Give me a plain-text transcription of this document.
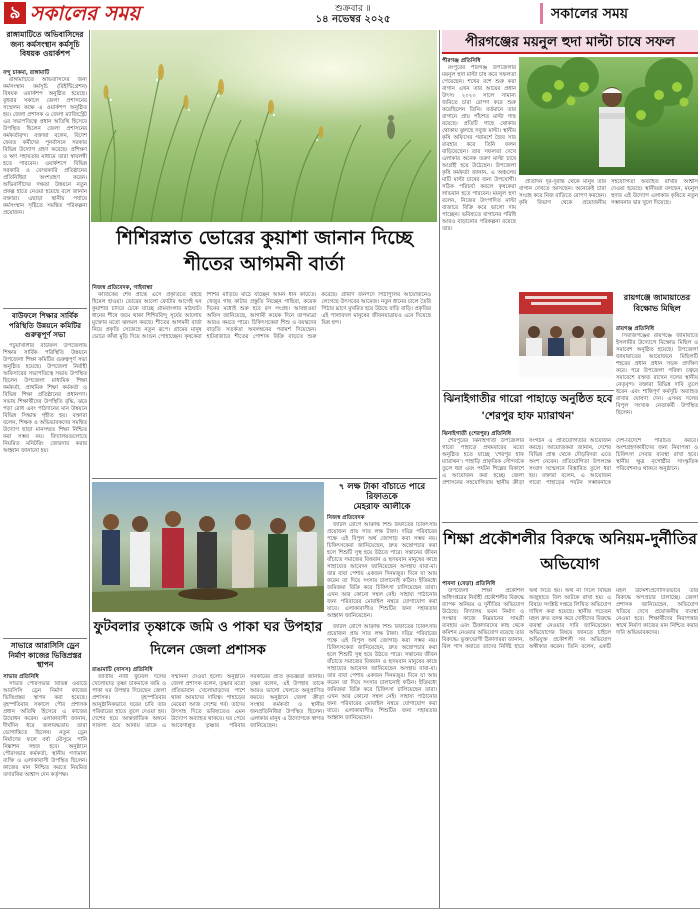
৯ সকালের সময়	শুক্রবার ॥
১৪ নভেম্বর ২০২৫	সকালের সময়
রাঙ্গামাটিতে অভিবাসিদের জন্য কর্মসংস্থান কর্মসূচি বিষয়ক ওয়ার্কশপ
বন্দু চাকমা, রাঙ্গামাটি

রাঙ্গামাটিতে অভিবাসিদের জন্য কর্মসংস্থান কর্মসূচি (রিইন্টিগ্রেশন) বিষয়ক ওয়ার্কশপ অনুষ্ঠিত হয়েছে। বুধবার সকালে জেলা প্রশাসনের সম্মেলন কক্ষে এ ওয়ার্কশপ অনুষ্ঠিত হয়। জেলা প্রশাসক ও জেলা ম্যাজিস্ট্রেট এর সভাপতিত্বে প্রধান অতিথি হিসেবে উপস্থিত ছিলেন জেলা প্রশাসনের কর্মকর্তাবৃন্দ। বক্তারা বলেন, বিদেশ ফেরত কর্মীদের পুনর্বাসনে সরকার বিভিন্ন উদ্যোগ গ্রহণ করেছে। প্রশিক্ষণ ও ঋণ সহায়তার মাধ্যমে তারা স্বাবলম্বী হতে পারবেন। ওয়ার্কশপে বিভিন্ন সরকারি ও বেসরকারি প্রতিষ্ঠানের প্রতিনিধিরা অংশগ্রহণ করেন। অভিবাসীদের দক্ষতা উন্নয়নে নতুন প্রকল্প হাতে নেওয়া হয়েছে বলে জানান বক্তারা। এছাড়া স্থানীয় পর্যায়ে কর্মসংস্থান সৃষ্টিতে সমন্বিত পরিকল্পনা প্রয়োজন।

বাউফলে শিক্ষার সার্বিক পরিস্থিতি উন্নয়নে কমিটির গুরুত্বপূর্ণ সভা

পটুয়াখালীর বাউফল উপজেলায় শিক্ষার সার্বিক পরিস্থিতি উন্নয়নে উপজেলা শিক্ষা কমিটির গুরুত্বপূর্ণ সভা অনুষ্ঠিত হয়েছে। উপজেলা নির্বাহী অফিসারের সভাপতিত্বে সভায় উপস্থিত ছিলেন উপজেলা মাধ্যমিক শিক্ষা কর্মকর্তা, প্রাথমিক শিক্ষা কর্মকর্তা ও বিভিন্ন শিক্ষা প্রতিষ্ঠানের প্রধানগণ। সভায় শিক্ষার্থীদের উপস্থিতি বৃদ্ধি, ঝরে পড়া রোধ এবং পাঠদানের মান উন্নয়নে বিভিন্ন সিদ্ধান্ত গৃহীত হয়। বক্তারা বলেন, শিক্ষক ও অভিভাবকদের সমন্বিত উদ্যোগ ছাড়া মানসম্মত শিক্ষা নিশ্চিত করা সম্ভব নয়। বিদ্যালয়গুলোতে নিয়মিত মনিটরিং জোরদার করার আহ্বান জানানো হয়।

সাভারে আরাসিসি ড্রেন নির্মাণ কাজের ভিত্তিপ্রস্তর স্থাপন
সাভার প্রতিনিধি

সাভার পৌরসভার বিভিন্ন ওয়ার্ডে আরসিসি ড্রেন নির্মাণ কাজের ভিত্তিপ্রস্তর স্থাপন করা হয়েছে। বৃহস্পতিবার সকালে পৌর প্রশাসক প্রধান অতিথি হিসেবে এ কাজের উদ্বোধন করেন। এলাকাবাসী জানান, দীর্ঘদিন ধরে জলাবদ্ধতায় তারা ভোগান্তিতে ছিলেন। নতুন ড্রেন নির্মাণের ফলে বর্ষা মৌসুমে পানি নিষ্কাশন সহজ হবে। অনুষ্ঠানে পৌরসভার কর্মকর্তা, স্থানীয় গণ্যমান্য ব্যক্তি ও এলাকাবাসী উপস্থিত ছিলেন। কাজের মান নিশ্চিত করতে নিয়মিত তদারকির আশ্বাস দেন কর্তৃপক্ষ।

শিশিরস্নাত ভোরের কুয়াশা জানান দিচ্ছে শীতের আগমনী বার্তা
নিজস্ব প্রতিবেদক, গাইবান্ধা

কার্তিকের শেষ প্রান্তে এসে প্রকৃতিতে বইছে হিমেল হাওয়া। ভোরের আলো ফোটার আগেই ঘন কুয়াশার চাদরে ঢেকে যাচ্ছে গ্রামবাংলার মাঠঘাট। ধানের শীষে জমে থাকা শিশিরবিন্দু সূর্যের আলোয় মুক্তোর মতো ঝলমল করছে। শীতের আগমনী বার্তা নিয়ে প্রকৃতি সেজেছে নতুন রূপে। গ্রামের মানুষ ভোরে কাঁথা মুড়ি দিয়ে আগুন পোহাচ্ছেন। কৃষকেরা শিশির মাড়িয়ে মাঠে যাচ্ছেন আমন ধান কাটতে। খেজুর গাছ কাটার প্রস্তুতি নিচ্ছেন গাছিরা, কয়েক দিনের মধ্যেই শুরু হবে রস সংগ্রহ। আবহাওয়া অফিস জানিয়েছে, আগামী কয়েক দিনে তাপমাত্রা আরও কমতে পারে। চিকিৎসকেরা শিশু ও বয়স্কদের বাড়তি সতর্কতা অবলম্বনের পরামর্শ দিয়েছেন। হাটবাজারে শীতের পোশাক বিক্রি বাড়তে শুরু করেছে। গ্রামীণ জনপদে পিঠাপুলির আয়োজনেও লেগেছে উৎসবের আমেজ। নতুন ধানের চালে তৈরি পিঠার ঘ্রাণে মুখরিত হয়ে উঠছে বাড়ি বাড়ি। প্রকৃতির এই পালাবদল মানুষের জীবনযাত্রায়ও এনে দিয়েছে ভিন্ন ছন্দ।

৭ লক্ষ টাকা বাঁচাতে পারে রিফাতকে
মেহরাফ আলীকে
নিজস্ব প্রতিবেদক

জটিল রোগে আক্রান্ত শিশু রিফাতের চিকিৎসায় প্রয়োজন প্রায় সাত লক্ষ টাকা। দরিদ্র পরিবারের পক্ষে এই বিপুল অর্থ জোগাড় করা সম্ভব নয়। চিকিৎসকেরা জানিয়েছেন, দ্রুত অস্ত্রোপচার করা হলে শিশুটি সুস্থ হয়ে উঠতে পারে। সন্তানের জীবন বাঁচাতে সমাজের বিত্তবান ও হৃদয়বান মানুষের কাছে সাহায্যের আবেদন জানিয়েছেন অসহায় বাবা-মা। তার বাবা পেশায় একজন দিনমজুর। দিনে যা আয় করেন তা দিয়ে সংসার চালানোই কঠিন। ইতিমধ্যে জমিজমা বিক্রি করে চিকিৎসা চালিয়েছেন তারা। এখন আর কোনো সম্বল নেই। সাহায্য পাঠানোর জন্য পরিবারের মোবাইল নম্বরে যোগাযোগ করা যাবে। এলাকাবাসীও শিশুটির জন্য সহায়তার আহ্বান জানিয়েছেন।

ফুটবলার তৃষ্ণাকে জমি ও পাকা ঘর উপহার দিলেন জেলা প্রশাসক
রাঙামাটি (বাসস) প্রতিনিধি

জাতীয় নারী ফুটবল দলের খেলোয়াড় তৃষ্ণা চাকমাকে জমি ও পাকা ঘর উপহার দিয়েছেন জেলা প্রশাসক। বৃহস্পতিবার আনুষ্ঠানিকভাবে ঘরের চাবি তার পরিবারের হাতে তুলে দেওয়া হয়। দেশের হয়ে আন্তর্জাতিক অঙ্গনে সাফল্য বয়ে আনায় তাকে এ সম্মাননা দেওয়া হলো। অনুষ্ঠানে জেলা প্রশাসক বলেন, তৃষ্ণার মতো প্রতিভাবান খেলোয়াড়দের পাশে থাকা আমাদের দায়িত্ব। পাহাড়ের মেয়েরা আজ দেশের গর্ব। তাদের উৎসাহ দিতে ভবিষ্যতেও এমন উদ্যোগ অব্যাহত থাকবে। ঘর পেয়ে আবেগাপ্লুত তৃষ্ণার পরিবার সরকারের প্রতি কৃতজ্ঞতা জানায়। তৃষ্ণা বলেন, এই উপহার তাকে আরও ভালো খেলতে অনুপ্রাণিত করবে। অনুষ্ঠানে জেলা ক্রীড়া সংস্থার কর্মকর্তা ও স্থানীয় জনপ্রতিনিধিরা উপস্থিত ছিলেন। এলাকার মানুষ এ উদ্যোগকে স্বাগত জানিয়েছেন।

জটিল রোগে আক্রান্ত শিশু রিফাতের চিকিৎসায় প্রয়োজন প্রায় সাত লক্ষ টাকা। দরিদ্র পরিবারের পক্ষে এই বিপুল অর্থ জোগাড় করা সম্ভব নয়। চিকিৎসকেরা জানিয়েছেন, দ্রুত অস্ত্রোপচার করা হলে শিশুটি সুস্থ হয়ে উঠতে পারে। সন্তানের জীবন বাঁচাতে সমাজের বিত্তবান ও হৃদয়বান মানুষের কাছে সাহায্যের আবেদন জানিয়েছেন অসহায় বাবা-মা। তার বাবা পেশায় একজন দিনমজুর। দিনে যা আয় করেন তা দিয়ে সংসার চালানোই কঠিন। ইতিমধ্যে জমিজমা বিক্রি করে চিকিৎসা চালিয়েছেন তারা। এখন আর কোনো সম্বল নেই। সাহায্য পাঠানোর জন্য পরিবারের মোবাইল নম্বরে যোগাযোগ করা যাবে। এলাকাবাসীও শিশুটির জন্য সহায়তার আহ্বান জানিয়েছেন।

পীরগঞ্জের ময়নুল হুদা মাল্টা চাষে সফল
পীরগঞ্জ প্রতিনিধি

রংপুরের পীরগঞ্জ উপজেলার ময়নুল হুদা মাল্টা চাষ করে সফলতা পেয়েছেন। শখের বশে শুরু করা বাগান এখন তার আয়ের প্রধান উৎস। ২০২০ সালে সামান্য জমিতে চারা রোপণ করে শুরু করেছিলেন তিনি। বর্তমানে তার বাগানে প্রায় পাঁচশত মাল্টা গাছ রয়েছে। প্রতিটি গাছে থোকায় থোকায় ঝুলছে সবুজ মাল্টা। স্থানীয় কৃষি অফিসের পরামর্শে জৈব সার ব্যবহার করে তিনি ফলন বাড়িয়েছেন। তার সফলতা দেখে এলাকার অনেক তরুণ মাল্টা চাষে আগ্রহী হয়ে উঠেছেন। উপজেলা কৃষি কর্মকর্তা জানান, এ অঞ্চলের মাটি মাল্টা চাষের জন্য উপযোগী। সঠিক পরিচর্যা করলে কৃষকেরা লাভবান হতে পারবেন। ময়নুল হুদা বলেন, নিজের উৎপাদিত মাল্টা বাজারে বিক্রি করে ভালো দাম পাচ্ছেন। ভবিষ্যতে বাগানের পরিধি আরও বাড়ানোর পরিকল্পনা রয়েছে তার।

প্রতিদিন দূর-দূরান্ত থেকে মানুষ তার বাগান দেখতে আসছেন। অনেকেই চারা সংগ্রহ করে নিজ বাড়িতে রোপণ করছেন। কৃষি বিভাগ থেকে প্রয়োজনীয় সহযোগিতা অব্যাহত রাখার আশ্বাস দেওয়া হয়েছে। স্থানীয়রা বলছেন, ময়নুল হুদার এই উদ্যোগ এলাকার কৃষিতে নতুন সম্ভাবনার দ্বার খুলে দিয়েছে।

রায়গঞ্জে জামায়াতের বিক্ষোভ মিছিল
রায়গঞ্জ প্রতিনিধি

সিরাজগঞ্জের রায়গঞ্জে জামায়াতে ইসলামীর উদ্যোগে বিক্ষোভ মিছিল ও সমাবেশ অনুষ্ঠিত হয়েছে। উপজেলা জামায়াতের আয়োজনে মিছিলটি শহরের প্রধান প্রধান সড়ক প্রদক্ষিণ করে। পরে উপজেলা পরিষদ চত্বরে সমাবেশে বক্তব্য রাখেন দলের স্থানীয় নেতৃবৃন্দ। বক্তারা বিভিন্ন দাবি তুলে ধরেন এবং শান্তিপূর্ণ কর্মসূচি অব্যাহত রাখার ঘোষণা দেন। এসময় দলের বিপুল সংখ্যক নেতাকর্মী উপস্থিত ছিলেন।

ঝিনাইগাতীর গারো পাহাড়ে অনুষ্ঠিত হবে 'শেরপুর হাফ ম্যারাথন'
ঝিনাইগাতী (শেরপুর) প্রতিনিধি

শেরপুরের ঝিনাইগাতী উপজেলার গারো পাহাড়ে প্রথমবারের মতো অনুষ্ঠিত হতে যাচ্ছে 'শেরপুর হাফ ম্যারাথন'। পাহাড়ি প্রাকৃতিক সৌন্দর্যকে তুলে ধরা এবং পর্যটন শিল্পের বিকাশে এ আয়োজন করা হচ্ছে। জেলা প্রশাসনের সহযোগিতায় স্থানীয় ক্রীড়া সংগঠন এ প্রতিযোগিতার আয়োজন করছে। আয়োজকরা জানান, দেশের বিভিন্ন প্রান্ত থেকে দৌড়বিদরা এতে অংশ নেবেন। প্রতিযোগিতা উপলক্ষে সংবাদ সম্মেলনে বিস্তারিত তুলে ধরা হয়। বক্তারা বলেন, এ আয়োজন গারো পাহাড়ের পর্যটন সম্ভাবনাকে দেশ-বিদেশে পরিচিত করবে। অংশগ্রহণকারীদের জন্য নিরাপত্তা ও চিকিৎসা সেবার ব্যবস্থা রাখা হবে। স্থানীয় ক্ষুদ্র নৃগোষ্ঠীর সাংস্কৃতিক পরিবেশনাও থাকবে অনুষ্ঠানে।

শিক্ষা প্রকৌশলীর বিরুদ্ধে অনিয়ম-দুর্নীতির অভিযোগ
পাবনা (বেড়া) প্রতিনিধি

উপজেলা শিক্ষা প্রকৌশল অধিদপ্তরের নির্বাহী প্রকৌশলীর বিরুদ্ধে ব্যাপক অনিয়ম ও দুর্নীতির অভিযোগ উঠেছে। বিদ্যালয় ভবন নির্মাণ ও সংস্কার কাজে নিম্নমানের সামগ্রী ব্যবহার এবং ঠিকাদারদের কাছ থেকে কমিশন নেওয়ার অভিযোগ রয়েছে তার বিরুদ্ধে। ভুক্তভোগী ঠিকাদাররা জানান, বিল পাস করাতে তাদের নির্দিষ্ট হারে অর্থ দিতে হয়। অর্থ না দিলে বিভিন্ন অজুহাতে বিল আটকে রাখা হয়। এ বিষয়ে সংশ্লিষ্ট দপ্তরে লিখিত অভিযোগ দাখিল করা হয়েছে। স্থানীয় সচেতন মহল দ্রুত তদন্ত করে দোষীদের বিরুদ্ধে ব্যবস্থা নেওয়ার দাবি জানিয়েছেন। অভিযোগের বিষয়ে জানতে চাইলে অভিযুক্ত প্রকৌশলী সব অভিযোগ অস্বীকার করেন। তিনি বলেন, একটি মহল উদ্দেশ্যপ্রণোদিতভাবে তার বিরুদ্ধে অপপ্রচার চালাচ্ছে। জেলা প্রশাসক জানিয়েছেন, অভিযোগ খতিয়ে দেখে প্রয়োজনীয় ব্যবস্থা নেওয়া হবে। শিক্ষার্থীদের নিরাপত্তার স্বার্থে নির্মাণ কাজের মান নিশ্চিত করার দাবি অভিভাবকদের।
